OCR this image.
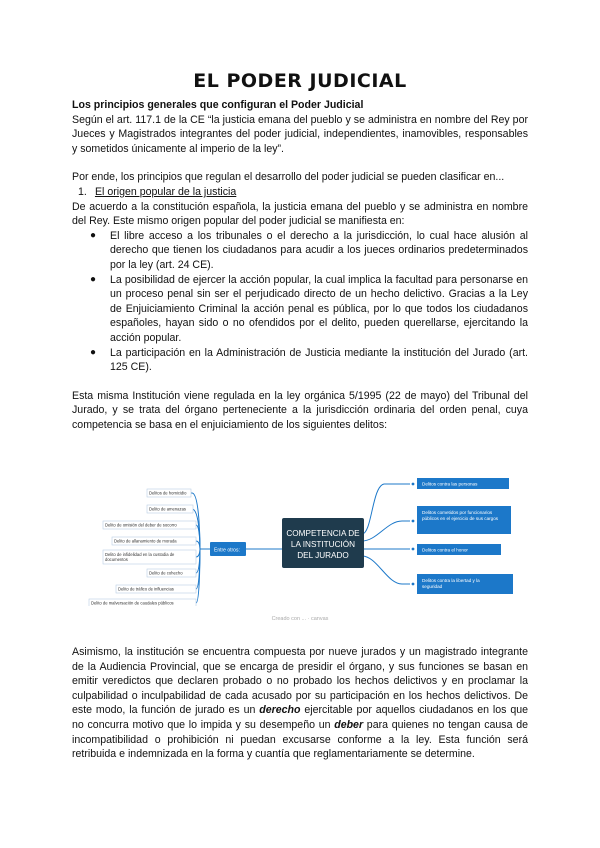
EL PODER JUDICIAL

Los principios generales que configuran el Poder Judicial

Según el art. 117.1 de la CE “la justicia emana del pueblo y se administra en nombre del Rey por Jueces y Magistrados integrantes del poder judicial, independientes, inamovibles, responsables y sometidos únicamente al imperio de la ley”.

Por ende, los principios que regulan el desarrollo del poder judicial se pueden clasificar en...

1. El origen popular de la justicia

De acuerdo a la constitución española, la justicia emana del pueblo y se administra en nombre del Rey. Este mismo origen popular del poder judicial se manifiesta en:

● El libre acceso a los tribunales o el derecho a la jurisdicción, lo cual hace alusión al derecho que tienen los ciudadanos para acudir a los jueces ordinarios predeterminados por la ley (art. 24 CE).
● La posibilidad de ejercer la acción popular, la cual implica la facultad para personarse en un proceso penal sin ser el perjudicado directo de un hecho delictivo. Gracias a la Ley de Enjuiciamiento Criminal la acción penal es pública, por lo que todos los ciudadanos españoles, hayan sido o no ofendidos por el delito, pueden querellarse, ejercitando la acción popular.
● La participación en la Administración de Justicia mediante la institución del Jurado (art. 125 CE).

Esta misma Institución viene regulada en la ley orgánica 5/1995 (22 de mayo) del Tribunal del Jurado, y se trata del órgano perteneciente a la jurisdicción ordinaria del orden penal, cuya competencia se basa en el enjuiciamiento de los siguientes delitos:

Delitos de homicidio
Delito de amenazas
Delito de omisión del deber de socorro
Delito de allanamiento de morada
Delito de infidelidad en la custodia de documentos
Delito de cohecho
Delito de tráfico de influencias
Delito de malversación de caudales públicos
Entre otros:
COMPETENCIA DE
LA INSTITUCIÓN
DEL JURADO
Delitos contra las personas
Delitos cometidos por funcionarios públicos en el ejercicio de sus cargos
Delitos contra el honor
Delitos contra la libertad y la seguridad

Creado con ... · canvas

Asimismo, la institución se encuentra compuesta por nueve jurados y un magistrado integrante de la Audiencia Provincial, que se encarga de presidir el órgano, y sus funciones se basan en emitir veredictos que declaren probado o no probado los hechos delictivos y en proclamar la culpabilidad o inculpabilidad de cada acusado por su participación en los hechos delictivos. De este modo, la función de jurado es un derecho ejercitable por aquellos ciudadanos en los que no concurra motivo que lo impida y su desempeño un deber para quienes no tengan causa de incompatibilidad o prohibición ni puedan excusarse conforme a la ley. Esta función será retribuida e indemnizada en la forma y cuantía que reglamentariamente se determine.
